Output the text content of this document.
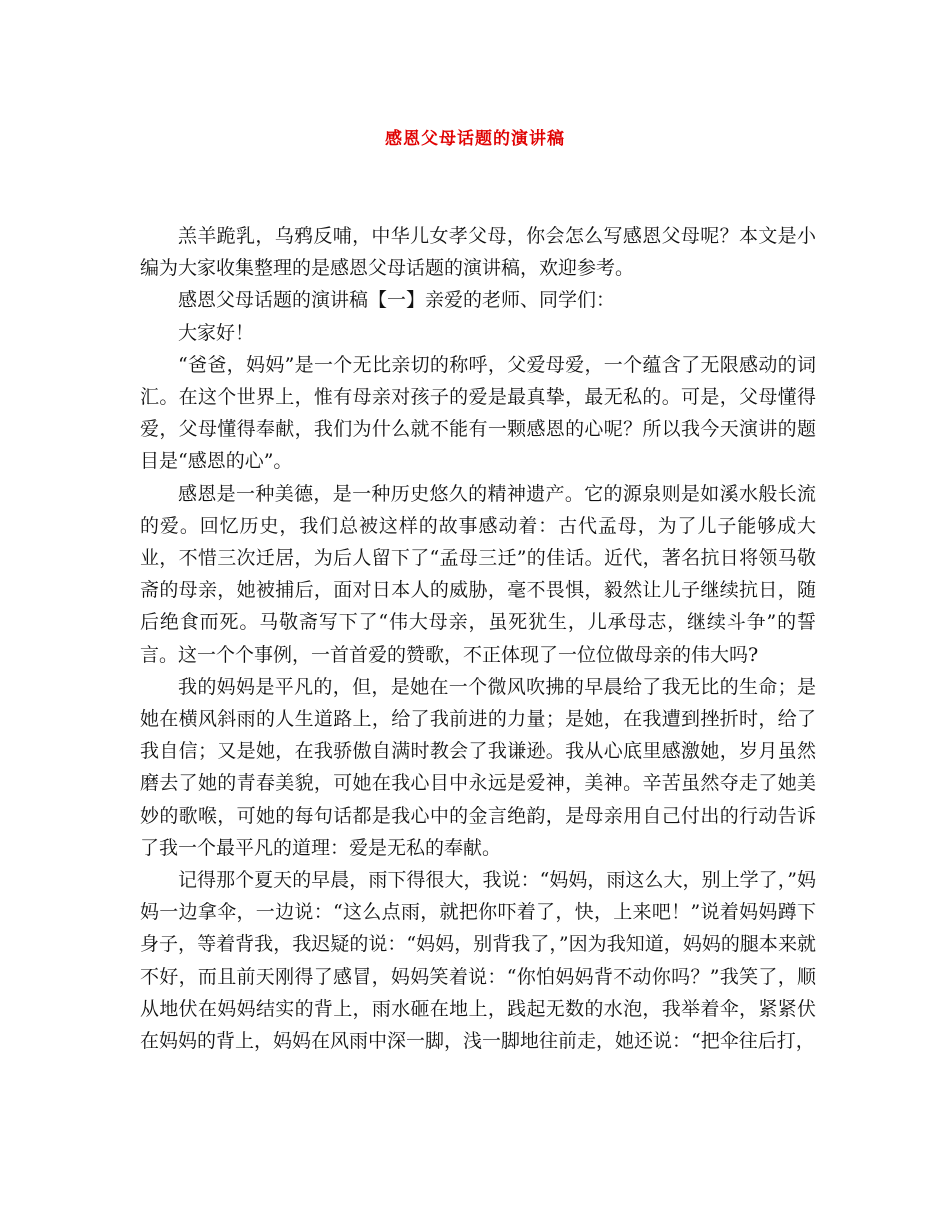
感恩父母话题的演讲稿

羔羊跪乳，乌鸦反哺，中华儿女孝父母，你会怎么写感恩父母呢？本文是小编为大家收集整理的是感恩父母话题的演讲稿，欢迎参考。

感恩父母话题的演讲稿【一】亲爱的老师、同学们：

大家好！

“爸爸，妈妈”是一个无比亲切的称呼，父爱母爱，一个蕴含了无限感动的词汇。在这个世界上，惟有母亲对孩子的爱是最真挚，最无私的。可是，父母懂得爱，父母懂得奉献，我们为什么就不能有一颗感恩的心呢？所以我今天演讲的题目是“感恩的心”。

感恩是一种美德，是一种历史悠久的精神遗产。它的源泉则是如溪水般长流的爱。回忆历史，我们总被这样的故事感动着：古代孟母，为了儿子能够成大业，不惜三次迁居，为后人留下了“孟母三迁”的佳话。近代，著名抗日将领马敬斋的母亲，她被捕后，面对日本人的威胁，毫不畏惧，毅然让儿子继续抗日，随后绝食而死。马敬斋写下了“伟大母亲，虽死犹生，儿承母志，继续斗争”的誓言。这一个个事例，一首首爱的赞歌，不正体现了一位位做母亲的伟大吗?

我的妈妈是平凡的，但，是她在一个微风吹拂的早晨给了我无比的生命；是她在横风斜雨的人生道路上，给了我前进的力量；是她，在我遭到挫折时，给了我自信；又是她，在我骄傲自满时教会了我谦逊。我从心底里感激她，岁月虽然磨去了她的青春美貌，可她在我心目中永远是爱神，美神。辛苦虽然夺走了她美妙的歌喉，可她的每句话都是我心中的金言绝韵，是母亲用自己付出的行动告诉了我一个最平凡的道理：爱是无私的奉献。

记得那个夏天的早晨，雨下得很大，我说：“妈妈，雨这么大，别上学了，”妈妈一边拿伞，一边说：“这么点雨，就把你吓着了，快，上来吧！”说着妈妈蹲下身子，等着背我，我迟疑的说：“妈妈，别背我了，”因为我知道，妈妈的腿本来就不好，而且前天刚得了感冒，妈妈笑着说：“你怕妈妈背不动你吗？”我笑了，顺从地伏在妈妈结实的背上，雨水砸在地上，践起无数的水泡，我举着伞，紧紧伏在妈妈的背上，妈妈在风雨中深一脚，浅一脚地往前走，她还说：“把伞往后打，
